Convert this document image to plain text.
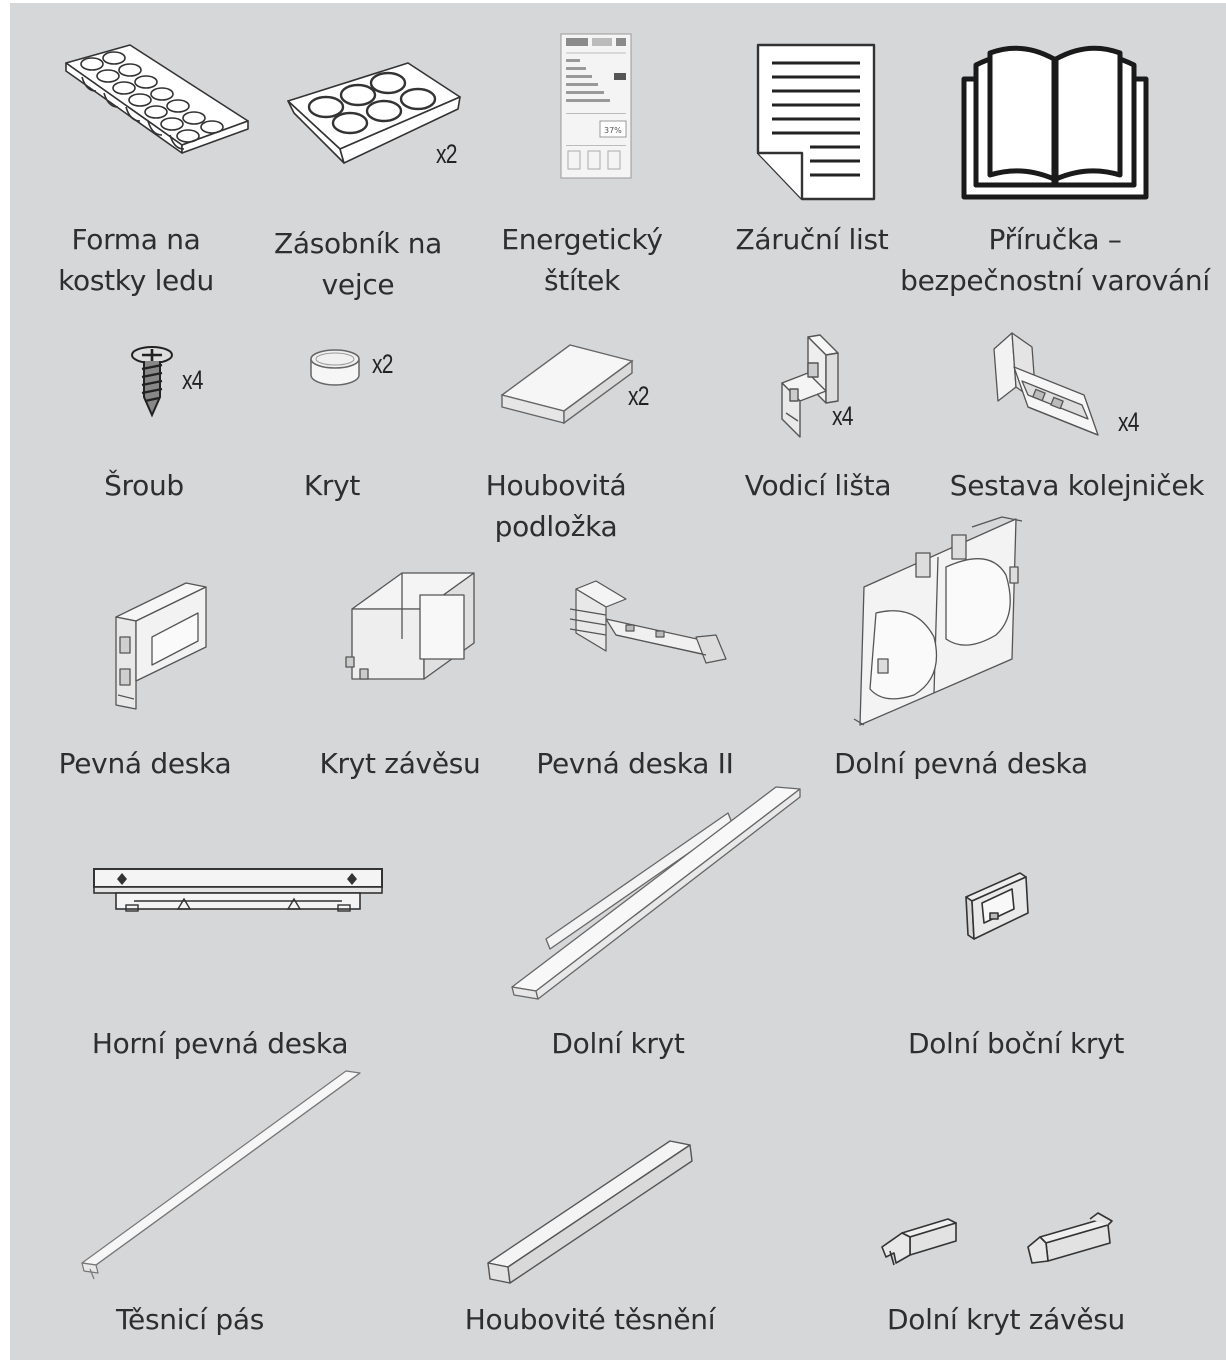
x2
37%
Forma na
kostky ledu
Zásobník na
vejce
Energetický
štítek
Záruční list	Příručka –
bezpečnostní varování
x4
x2
x2
x4	x4
Šroub	Kryt	Houbovitá
podložka
Vodicí lišta	Sestava kolejniček
Pevná deska	Kryt závěsu	Pevná deska II	Dolní pevná deska
Horní pevná deska	Dolní kryt	Dolní boční kryt
Těsnicí pás	Houbovité těsnění	Dolní kryt závěsu
